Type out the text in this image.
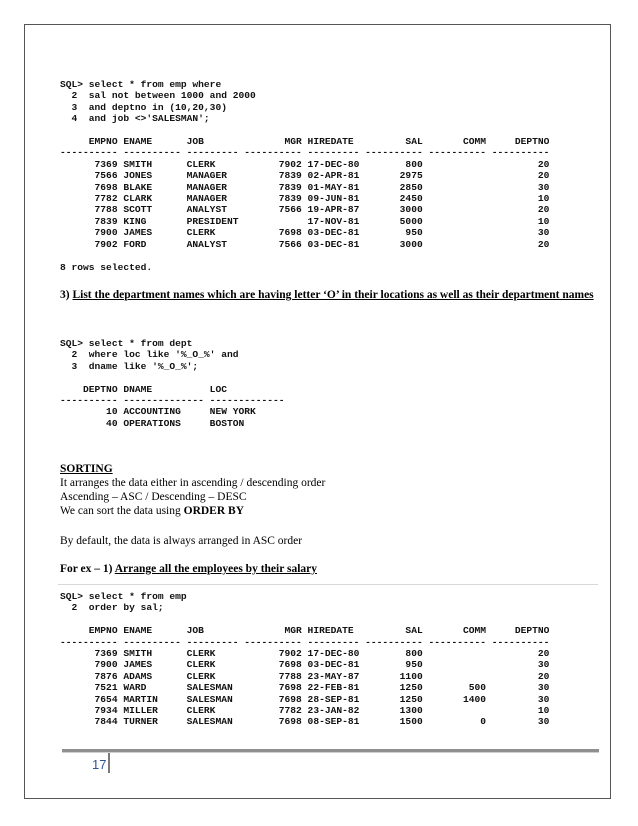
SQL> select * from emp where
2  sal not between 1000 and 2000
3  and deptno in (10,20,30)
4  and job <>'SALESMAN';

EMPNO ENAME      JOB              MGR HIREDATE         SAL       COMM     DEPTNO
---------- ---------- --------- ---------- --------- ---------- ---------- ----------
7369 SMITH      CLERK           7902 17-DEC-80        800                    20
7566 JONES      MANAGER         7839 02-APR-81       2975                    20
7698 BLAKE      MANAGER         7839 01-MAY-81       2850                    30
7782 CLARK      MANAGER         7839 09-JUN-81       2450                    10
7788 SCOTT      ANALYST         7566 19-APR-87       3000                    20
7839 KING       PRESIDENT            17-NOV-81       5000                    10
7900 JAMES      CLERK           7698 03-DEC-81        950                    30
7902 FORD       ANALYST         7566 03-DEC-81       3000                    20

8 rows selected.
3) List the department names which are having letter ‘O’ in their locations as well as their department names
SQL> select * from dept
2  where loc like '%_O_%' and
3  dname like '%_O_%';

DEPTNO DNAME          LOC
---------- -------------- -------------
10 ACCOUNTING     NEW YORK
40 OPERATIONS     BOSTON
SORTING
It arranges the data either in ascending / descending order
Ascending – ASC / Descending – DESC
We can sort the data using ORDER BY
By default, the data is always arranged in ASC order
For ex – 1) Arrange all the employees by their salary
SQL> select * from emp
2  order by sal;

EMPNO ENAME      JOB              MGR HIREDATE         SAL       COMM     DEPTNO
---------- ---------- --------- ---------- --------- ---------- ---------- ----------
7369 SMITH      CLERK           7902 17-DEC-80        800                    20
7900 JAMES      CLERK           7698 03-DEC-81        950                    30
7876 ADAMS      CLERK           7788 23-MAY-87       1100                    20
7521 WARD       SALESMAN        7698 22-FEB-81       1250        500         30
7654 MARTIN     SALESMAN        7698 28-SEP-81       1250       1400         30
7934 MILLER     CLERK           7782 23-JAN-82       1300                    10
7844 TURNER     SALESMAN        7698 08-SEP-81       1500          0         30
17
